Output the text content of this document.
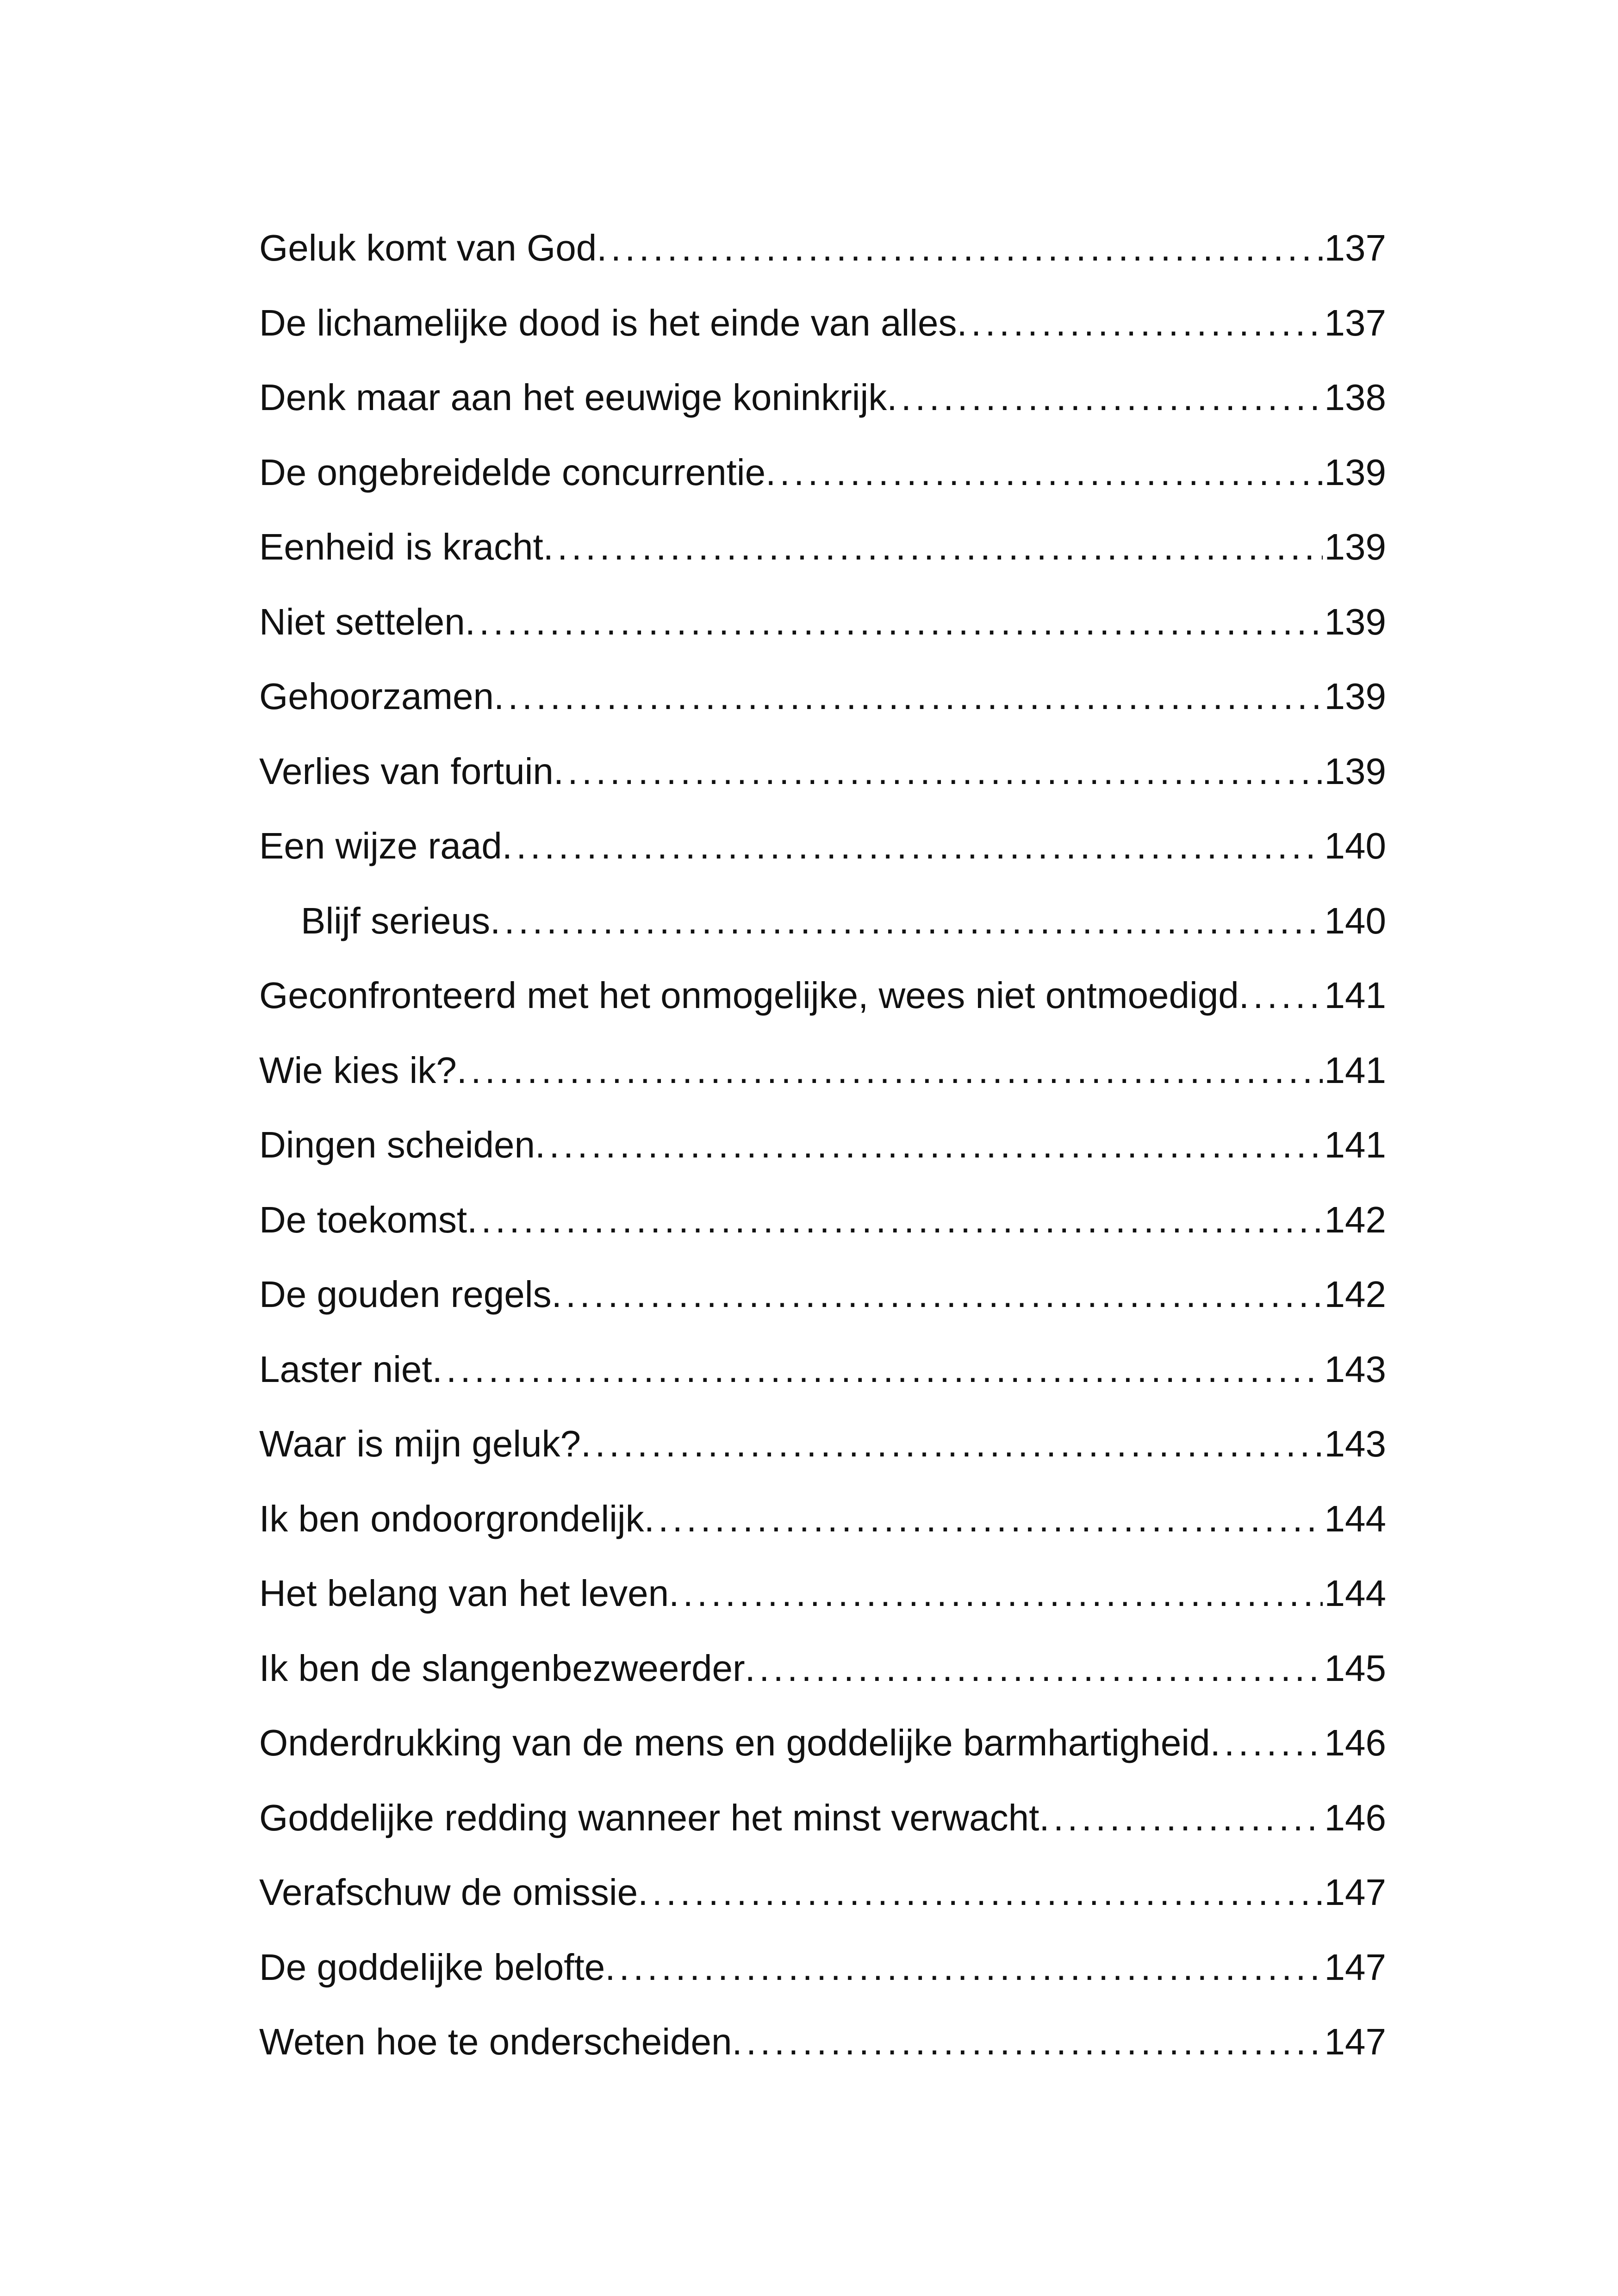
Geluk komt van God . . .	137
De lichamelijke dood is het einde van alles . . .	137
Denk maar aan het eeuwige koninkrijk . . .	138
De ongebreidelde concurrentie . . .	139
Eenheid is kracht . . .	139
Niet settelen . . .	139
Gehoorzamen . . .	139
Verlies van fortuin . . .	139
Een wijze raad . . .	140
Blijf serieus . . .	140
Geconfronteerd met het onmogelijke, wees niet ontmoedigd . . . 141
Wie kies ik? . . .	141
Dingen scheiden . . .	141
De toekomst . . .	142
De gouden regels . . .	142
Laster niet . . .	143
Waar is mijn geluk? . . .	143
Ik ben ondoorgrondelijk . . .	144
Het belang van het leven . . .	144
Ik ben de slangenbezweerder . . .	145
Onderdrukking van de mens en goddelijke barmhartigheid . . .	146
Goddelijke redding wanneer het minst verwacht . . .	146
Verafschuw de omissie . . .	147
De goddelijke belofte . . .	147
Weten hoe te onderscheiden . . .	147
